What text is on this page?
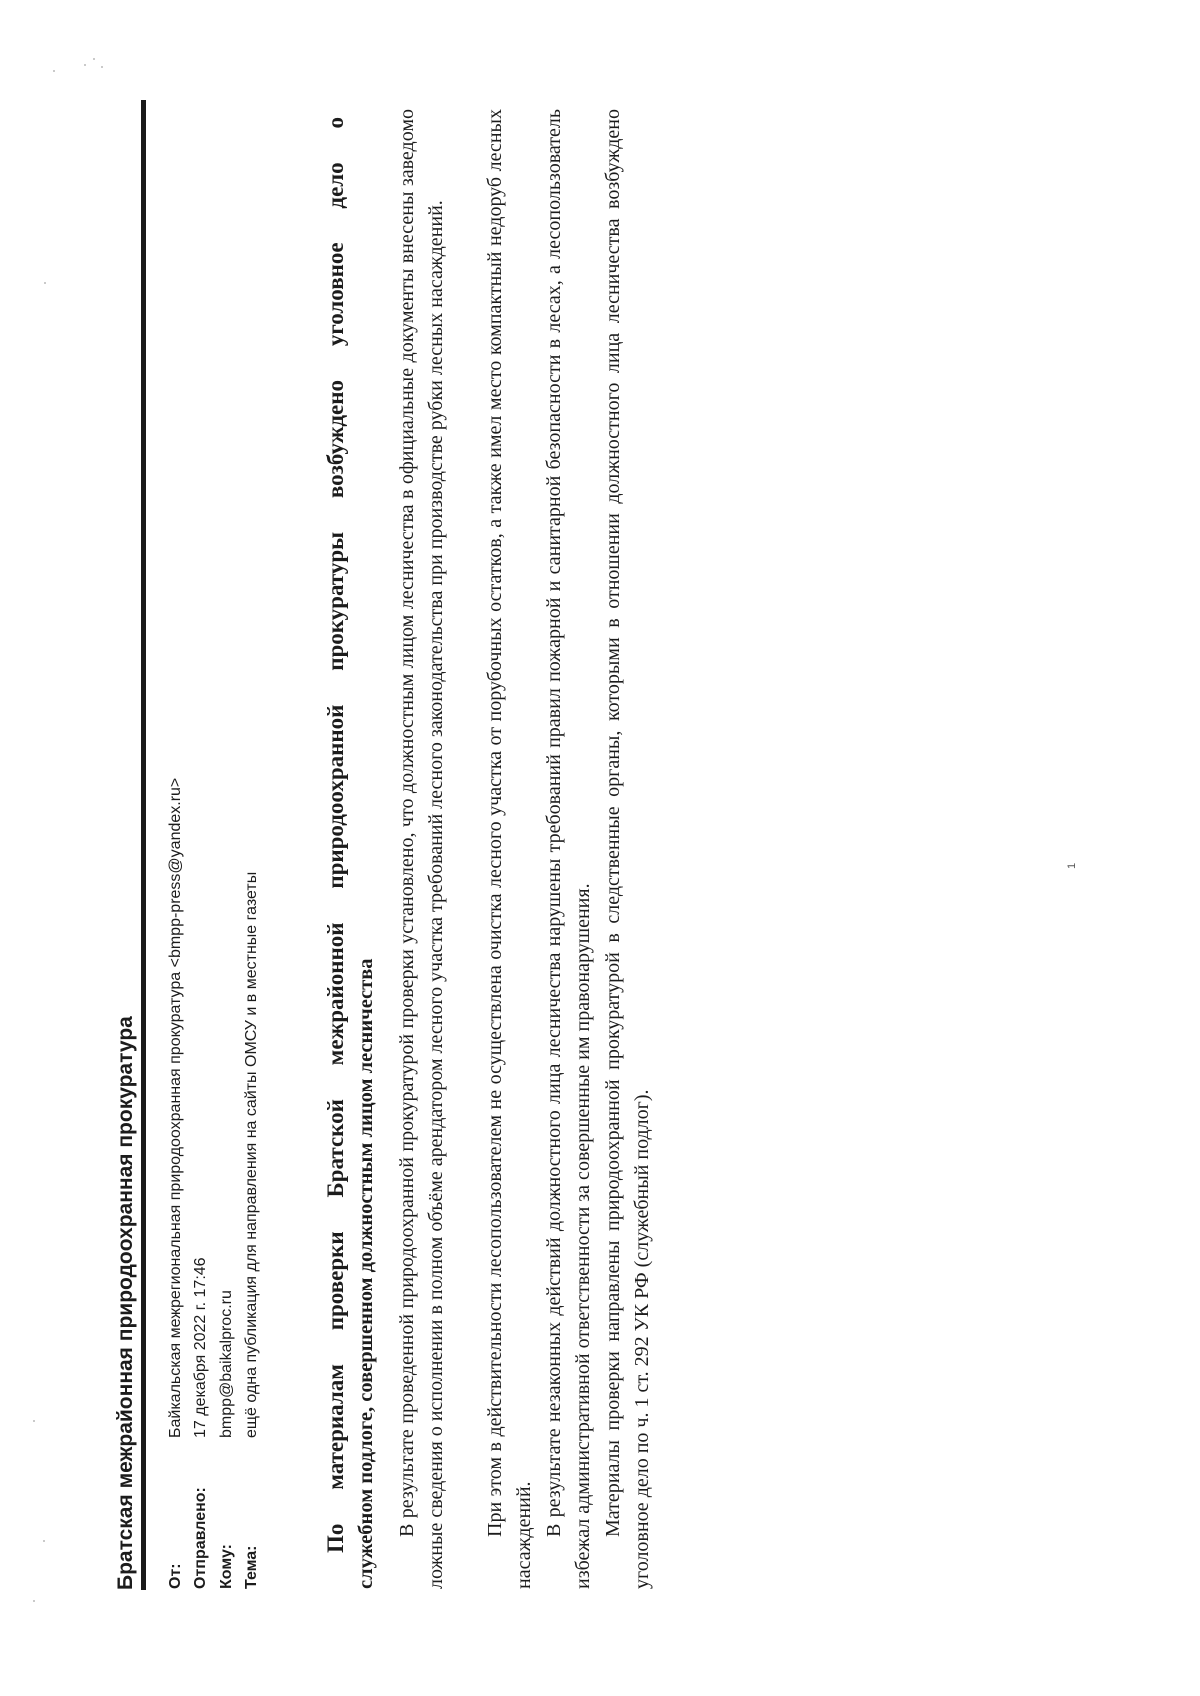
Братская межрайонная природоохранная прокуратура	От:
Байкальская межрегиональная природоохранная прокуратура <bmpp-press@yandex.ru>
Отправлено:
17 декабря 2022 г. 17:46
Кому:
bmpp@baikalproc.ru
Тема:
ещё одна публикация для направления на сайты ОМСУ и в местные газеты	По материалам проверки Братской межрайонной природоохранной прокуратуры возбуждено уголовное дело о служебном подлоге, совершенном должностным лицом лесничества В результате проведенной природоохранной прокуратурой проверки установлено, что должностным лицом лесничества в официальные документы внесены заведомо ложные сведения о исполнении в полном объёме арендатором лесного участка требований лесного законодательства при производстве рубки лесных насаждений. При этом в действительности лесопользователем не осуществлена очистка лесного участка от порубочных остатков, а также имел место компактный недоруб лесных насаждений. В результате незаконных действий должностного лица лесничества нарушены требований правил пожарной и санитарной безопасности в лесах, а лесопользователь избежал административной ответственности за совершенные им правонарушения. Материалы проверки направлены природоохранной прокуратурой в следственные органы, которыми в отношении должностного лица лесничества возбуждено уголовное дело по ч. 1 ст. 292 УК РФ (служебный подлог).
1
